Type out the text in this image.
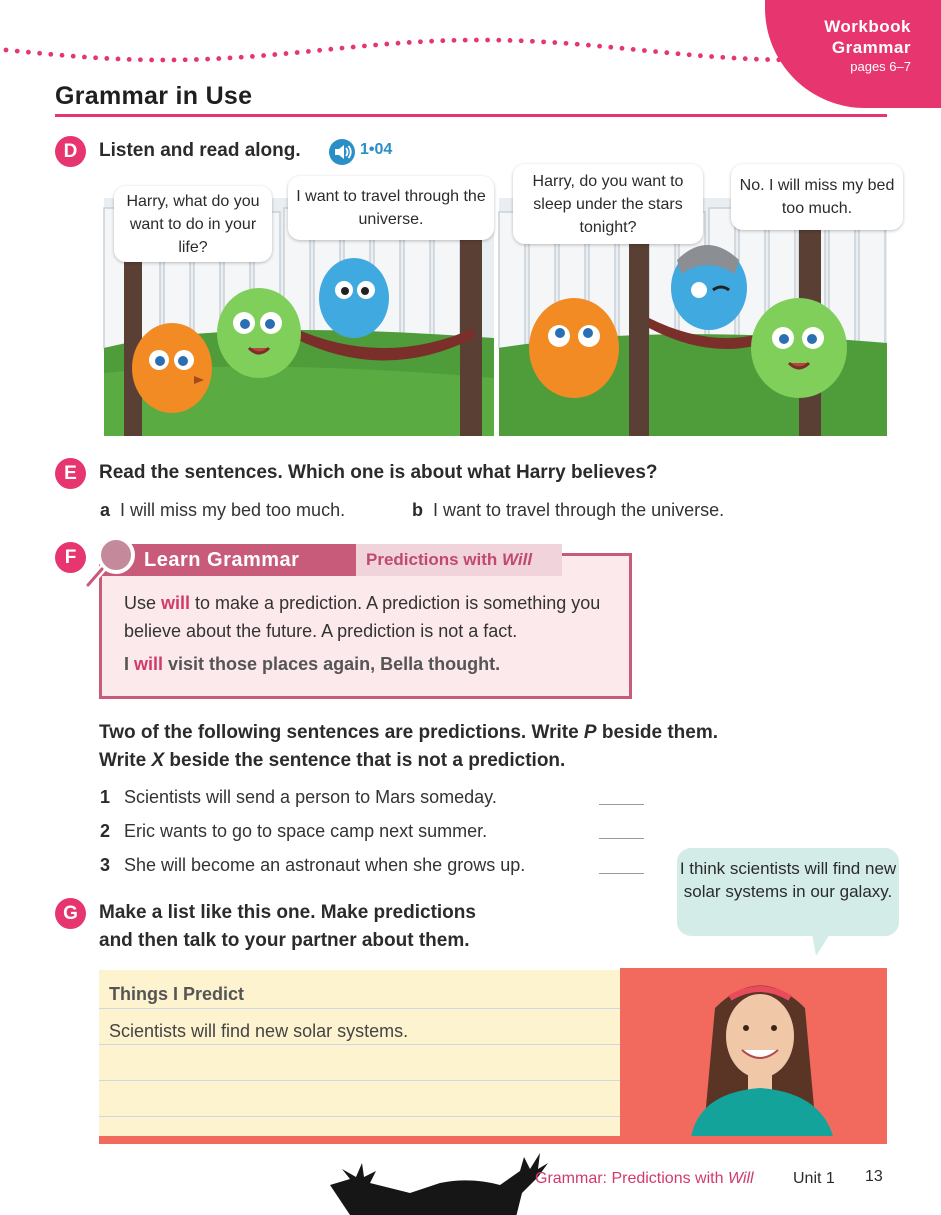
Workbook
Grammar
pages 6–7
Grammar in Use
D	Listen and read along.	1•04
Harry, what do you want to do in your life?
I want to travel through the universe.
Harry, do you want to sleep under the stars tonight?
No. I will miss my bed too much.
E	Read the sentences. Which one is about what Harry believes?
a I will miss my bed too much.	b I want to travel through the universe.
F	Learn Grammar	Predictions with Will
Use will to make a prediction. A prediction is something you believe about the future. A prediction is not a fact.
I will visit those places again, Bella thought.
Two of the following sentences are predictions. Write P beside them.
Write X beside the sentence that is not a prediction.
1 Scientists will send a person to Mars someday.
2 Eric wants to go to space camp next summer.
3 She will become an astronaut when she grows up.
G	Make a list like this one. Make predictions
and then talk to your partner about them.
I think scientists will find new solar systems in our galaxy.
Things I Predict
Scientists will find new solar systems.
Grammar: Predictions with Will Unit 1 13
